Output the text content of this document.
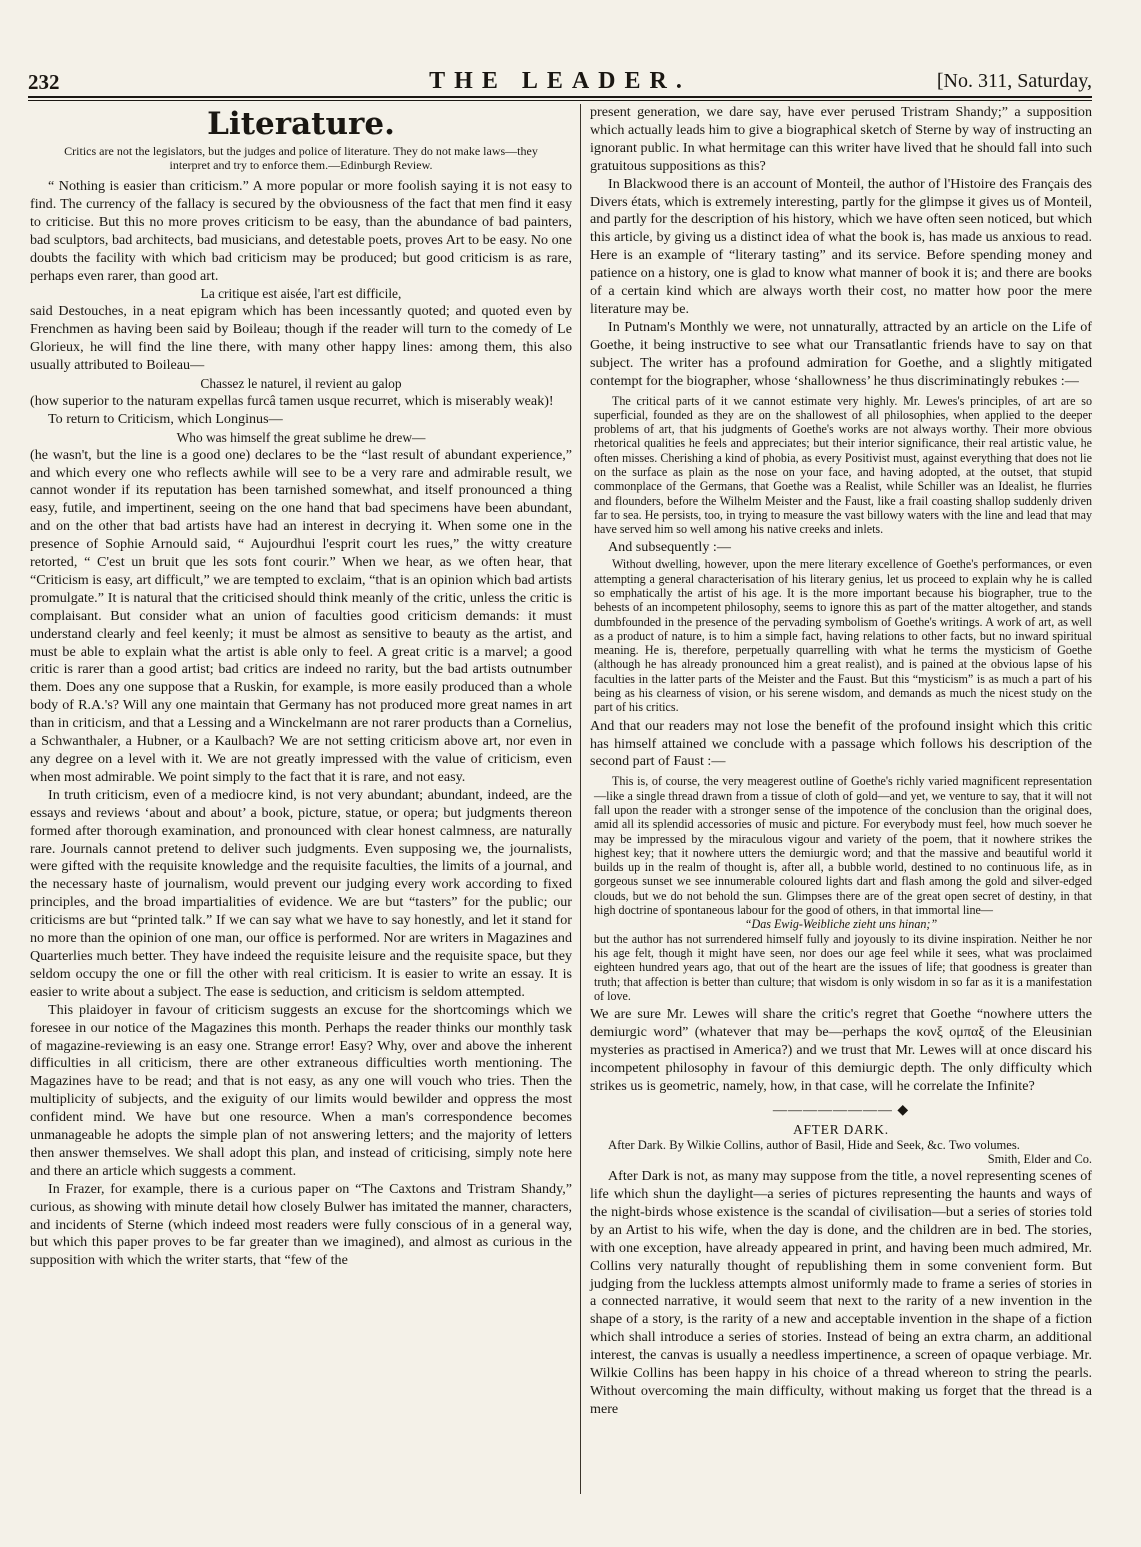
232	THE LEADER.	[No. 311, Saturday,
Literature.

Critics are not the legislators, but the judges and police of literature. They do not make laws—they interpret and try to enforce them.—Edinburgh Review.

“ Nothing is easier than criticism.” A more popular or more foolish saying it is not easy to find. The currency of the fallacy is secured by the obviousness of the fact that men find it easy to criticise. But this no more proves criticism to be easy, than the abundance of bad painters, bad sculptors, bad architects, bad musicians, and detestable poets, proves Art to be easy. No one doubts the facility with which bad criticism may be produced; but good criticism is as rare, perhaps even rarer, than good art.

La critique est aisée, l'art est difficile,

said Destouches, in a neat epigram which has been incessantly quoted; and quoted even by Frenchmen as having been said by Boileau; though if the reader will turn to the comedy of Le Glorieux, he will find the line there, with many other happy lines: among them, this also usually attributed to Boileau—

Chassez le naturel, il revient au galop

(how superior to the naturam expellas furcâ tamen usque recurret, which is miserably weak)!

To return to Criticism, which Longinus—

Who was himself the great sublime he drew—

(he wasn't, but the line is a good one) declares to be the “last result of abundant experience,” and which every one who reflects awhile will see to be a very rare and admirable result, we cannot wonder if its reputation has been tarnished somewhat, and itself pronounced a thing easy, futile, and impertinent, seeing on the one hand that bad specimens have been abundant, and on the other that bad artists have had an interest in decrying it. When some one in the presence of Sophie Arnould said, “ Aujourdhui l'esprit court les rues,” the witty creature retorted, “ C'est un bruit que les sots font courir.” When we hear, as we often hear, that “Criticism is easy, art difficult,” we are tempted to exclaim, “that is an opinion which bad artists promulgate.” It is natural that the criticised should think meanly of the critic, unless the critic is complaisant. But consider what an union of faculties good criticism demands: it must understand clearly and feel keenly; it must be almost as sensitive to beauty as the artist, and must be able to explain what the artist is able only to feel. A great critic is a marvel; a good critic is rarer than a good artist; bad critics are indeed no rarity, but the bad artists outnumber them. Does any one suppose that a Ruskin, for example, is more easily produced than a whole body of R.A.'s? Will any one maintain that Germany has not produced more great names in art than in criticism, and that a Lessing and a Winckelmann are not rarer products than a Cornelius, a Schwanthaler, a Hubner, or a Kaulbach? We are not setting criticism above art, nor even in any degree on a level with it. We are not greatly impressed with the value of criticism, even when most admirable. We point simply to the fact that it is rare, and not easy.

In truth criticism, even of a mediocre kind, is not very abundant; abundant, indeed, are the essays and reviews ‘about and about’ a book, picture, statue, or opera; but judgments thereon formed after thorough examination, and pronounced with clear honest calmness, are naturally rare. Journals cannot pretend to deliver such judgments. Even supposing we, the journalists, were gifted with the requisite knowledge and the requisite faculties, the limits of a journal, and the necessary haste of journalism, would prevent our judging every work according to fixed principles, and the broad impartialities of evidence. We are but “tasters” for the public; our criticisms are but “printed talk.” If we can say what we have to say honestly, and let it stand for no more than the opinion of one man, our office is performed. Nor are writers in Magazines and Quarterlies much better. They have indeed the requisite leisure and the requisite space, but they seldom occupy the one or fill the other with real criticism. It is easier to write an essay. It is easier to write about a subject. The ease is seduction, and criticism is seldom attempted.

This plaidoyer in favour of criticism suggests an excuse for the shortcomings which we foresee in our notice of the Magazines this month. Perhaps the reader thinks our monthly task of magazine-reviewing is an easy one. Strange error! Easy? Why, over and above the inherent difficulties in all criticism, there are other extraneous difficulties worth mentioning. The Magazines have to be read; and that is not easy, as any one will vouch who tries. Then the multiplicity of subjects, and the exiguity of our limits would bewilder and oppress the most confident mind. We have but one resource. When a man's correspondence becomes unmanageable he adopts the simple plan of not answering letters; and the majority of letters then answer themselves. We shall adopt this plan, and instead of criticising, simply note here and there an article which suggests a comment.

In Frazer, for example, there is a curious paper on “The Caxtons and Tristram Shandy,” curious, as showing with minute detail how closely Bulwer has imitated the manner, characters, and incidents of Sterne (which indeed most readers were fully conscious of in a general way, but which this paper proves to be far greater than we imagined), and almost as curious in the supposition with which the writer starts, that “few of the

present generation, we dare say, have ever perused Tristram Shandy;” a supposition which actually leads him to give a biographical sketch of Sterne by way of instructing an ignorant public. In what hermitage can this writer have lived that he should fall into such gratuitous suppositions as this?

In Blackwood there is an account of Monteil, the author of l'Histoire des Français des Divers états, which is extremely interesting, partly for the glimpse it gives us of Monteil, and partly for the description of his history, which we have often seen noticed, but which this article, by giving us a distinct idea of what the book is, has made us anxious to read. Here is an example of “literary tasting” and its service. Before spending money and patience on a history, one is glad to know what manner of book it is; and there are books of a certain kind which are always worth their cost, no matter how poor the mere literature may be.

In Putnam's Monthly we were, not unnaturally, attracted by an article on the Life of Goethe, it being instructive to see what our Transatlantic friends have to say on that subject. The writer has a profound admiration for Goethe, and a slightly mitigated contempt for the biographer, whose ‘shallowness’ he thus discriminatingly rebukes :—

The critical parts of it we cannot estimate very highly. Mr. Lewes's principles, of art are so superficial, founded as they are on the shallowest of all philosophies, when applied to the deeper problems of art, that his judgments of Goethe's works are not always worthy. Their more obvious rhetorical qualities he feels and appreciates; but their interior significance, their real artistic value, he often misses. Cherishing a kind of phobia, as every Positivist must, against everything that does not lie on the surface as plain as the nose on your face, and having adopted, at the outset, that stupid commonplace of the Germans, that Goethe was a Realist, while Schiller was an Idealist, he flurries and flounders, before the Wilhelm Meister and the Faust, like a frail coasting shallop suddenly driven far to sea. He persists, too, in trying to measure the vast billowy waters with the line and lead that may have served him so well among his native creeks and inlets.

And subsequently :—

Without dwelling, however, upon the mere literary excellence of Goethe's performances, or even attempting a general characterisation of his literary genius, let us proceed to explain why he is called so emphatically the artist of his age. It is the more important because his biographer, true to the behests of an incompetent philosophy, seems to ignore this as part of the matter altogether, and stands dumbfounded in the presence of the pervading symbolism of Goethe's writings. A work of art, as well as a product of nature, is to him a simple fact, having relations to other facts, but no inward spiritual meaning. He is, therefore, perpetually quarrelling with what he terms the mysticism of Goethe (although he has already pronounced him a great realist), and is pained at the obvious lapse of his faculties in the latter parts of the Meister and the Faust. But this “mysticism” is as much a part of his being as his clearness of vision, or his serene wisdom, and demands as much the nicest study on the part of his critics.

And that our readers may not lose the benefit of the profound insight which this critic has himself attained we conclude with a passage which follows his description of the second part of Faust :—

This is, of course, the very meagerest outline of Goethe's richly varied magnificent representation—like a single thread drawn from a tissue of cloth of gold—and yet, we venture to say, that it will not fall upon the reader with a stronger sense of the impotence of the conclusion than the original does, amid all its splendid accessories of music and picture. For everybody must feel, how much soever he may be impressed by the miraculous vigour and variety of the poem, that it nowhere strikes the highest key; that it nowhere utters the demiurgic word; and that the massive and beautiful world it builds up in the realm of thought is, after all, a bubble world, destined to no continuous life, as in gorgeous sunset we see innumerable coloured lights dart and flash among the gold and silver-edged clouds, but we do not behold the sun. Glimpses there are of the great open secret of destiny, in that high doctrine of spontaneous labour for the good of others, in that immortal line—

“Das Ewig-Weibliche zieht uns hinan;”

but the author has not surrendered himself fully and joyously to its divine inspiration. Neither he nor his age felt, though it might have seen, nor does our age feel while it sees, what was proclaimed eighteen hundred years ago, that out of the heart are the issues of life; that goodness is greater than truth; that affection is better than culture; that wisdom is only wisdom in so far as it is a manifestation of love.

We are sure Mr. Lewes will share the critic's regret that Goethe “nowhere utters the demiurgic word” (whatever that may be—perhaps the κονξ ομπαξ of the Eleusinian mysteries as practised in America?) and we trust that Mr. Lewes will at once discard his incompetent philosophy in favour of this demiurgic depth. The only difficulty which strikes us is geometric, namely, how, in that case, will he correlate the Infinite?

———————— ◆
AFTER DARK.

After Dark. By Wilkie Collins, author of Basil, Hide and Seek, &c. Two volumes.

Smith, Elder and Co.

After Dark is not, as many may suppose from the title, a novel representing scenes of life which shun the daylight—a series of pictures representing the haunts and ways of the night-birds whose existence is the scandal of civilisation—but a series of stories told by an Artist to his wife, when the day is done, and the children are in bed. The stories, with one exception, have already appeared in print, and having been much admired, Mr. Collins very naturally thought of republishing them in some convenient form. But judging from the luckless attempts almost uniformly made to frame a series of stories in a connected narrative, it would seem that next to the rarity of a new invention in the shape of a story, is the rarity of a new and acceptable invention in the shape of a fiction which shall introduce a series of stories. Instead of being an extra charm, an additional interest, the canvas is usually a needless impertinence, a screen of opaque verbiage. Mr. Wilkie Collins has been happy in his choice of a thread whereon to string the pearls. Without overcoming the main difficulty, without making us forget that the thread is a mere
